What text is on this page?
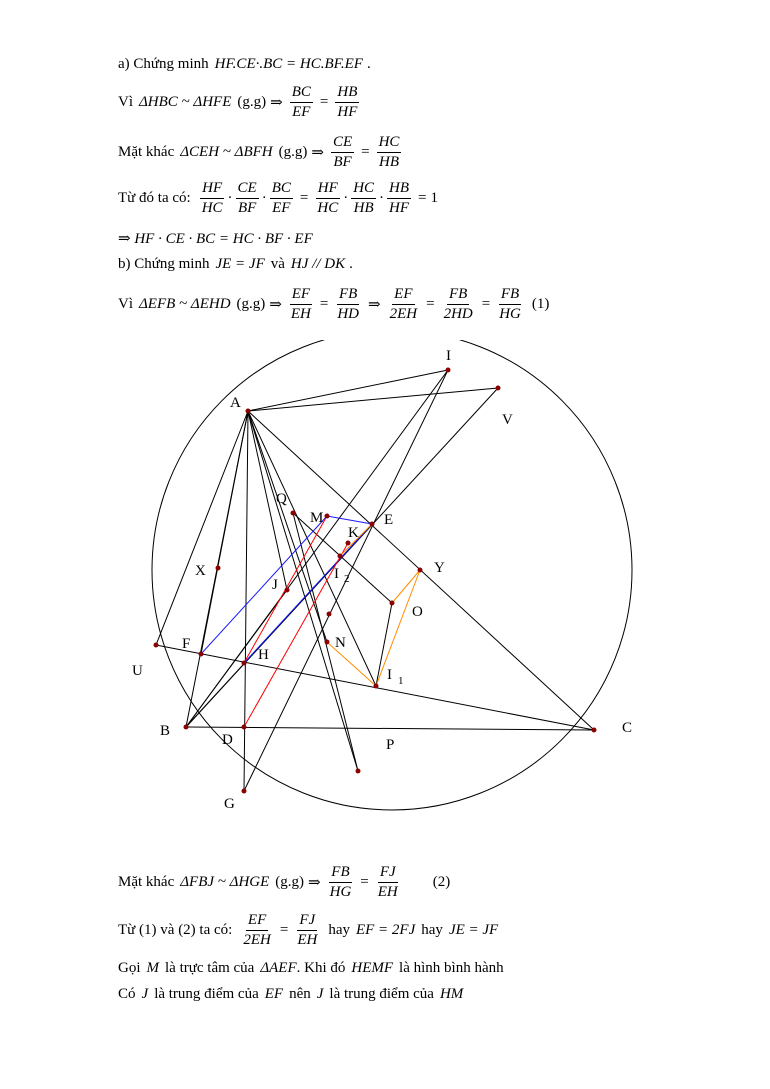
a) Chứng minh HF.CE·.BC = HC.BF.EF .
Vì ΔHBC ~ ΔHFE (g.g) ⇒ $\frac{BC}{EF} = \frac{HB}{HF}$
Mặt khác ΔCEH ~ ΔBFH (g.g) ⇒ $\frac{CE}{BF} = \frac{HC}{HB}$
Từ đó ta có: $\frac{HF}{HC} \cdot \frac{CE}{BF} \cdot \frac{BC}{EF} = \frac{HF}{HC} \cdot \frac{HC}{HB} \cdot \frac{HB}{HF} = 1$
⇒ HF · CE · BC = HC · BF · EF
b) Chứng minh JE = JF và HJ // DK .
Vì ΔEFB ~ ΔEHD (g.g) ⇒ $\frac{EF}{EH} = \frac{FB}{HD}$ ⇒ $\frac{EF}{2EH} = \frac{FB}{2HD} = \frac{FB}{HG} (1)$
I
V
A
Q
M	E
K
X
J
I 2
Y
O
F	N
U
H
I 1
B
D
C
P
G
Mặt khác ΔFBJ ~ ΔHGE (g.g) ⇒ $\frac{FB}{HG} = \frac{FJ}{EH} (2)$
Từ (1) và (2) ta có: $\frac{EF}{2EH} = \frac{FJ}{EH}$ hay EF = 2FJ hay JE = JF
Gọi M là trực tâm của ΔAEF . Khi đó HEMF là hình bình hành
Có J là trung điểm của EF nên J là trung điểm của HM
